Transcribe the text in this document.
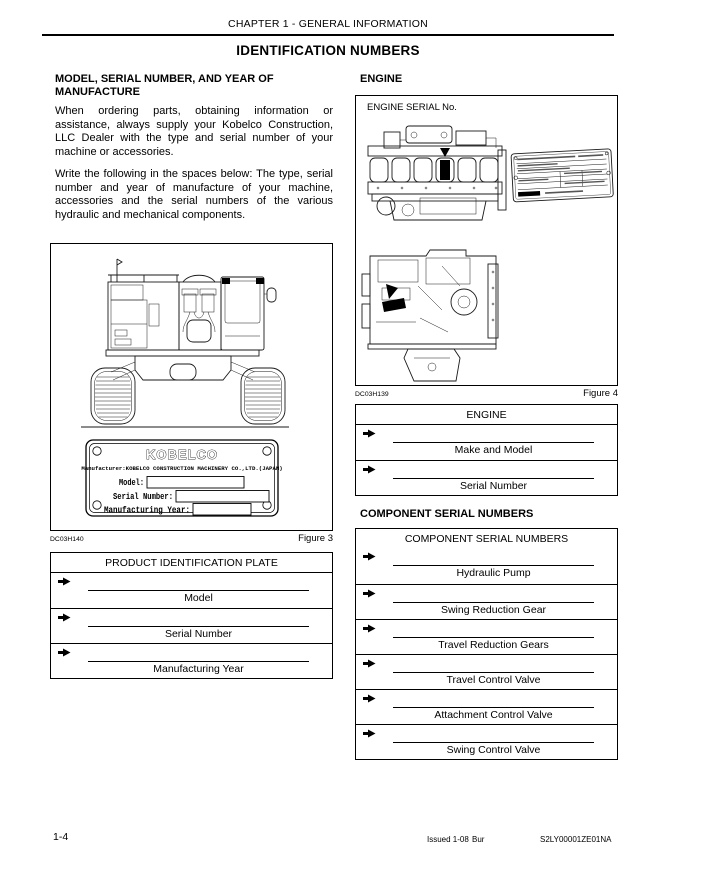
CHAPTER 1 - GENERAL INFORMATION
IDENTIFICATION NUMBERS
MODEL, SERIAL NUMBER, AND YEAR OF MANUFACTURE

When ordering parts, obtaining information or assistance, always supply your Kobelco Construction, LLC Dealer with the type and serial number of your machine or accessories.

Write the following in the spaces below: The type, serial number and year of manufacture of your machine, accessories and the serial numbers of the various hydraulic and mechanical components.

KOBELCO
Manufacturer:KOBELCO CONSTRUCTION MACHINERY CO.,LTD.(JAPAN)
Model:
Serial Number:
Manufacturing Year:
DC03H140	Figure 3
PRODUCT IDENTIFICATION PLATE
Model
Serial Number
Manufacturing Year
ENGINE
ENGINE SERIAL No.
DC03H139	Figure 4
ENGINE
Make and Model
Serial Number
COMPONENT SERIAL NUMBERS
COMPONENT SERIAL NUMBERS
Hydraulic Pump
Swing Reduction Gear
Travel Reduction Gears
Travel Control Valve
Attachment Control Valve
Swing Control Valve
1-4	Issued 1-08 Bur	S2LY00001ZE01NA
